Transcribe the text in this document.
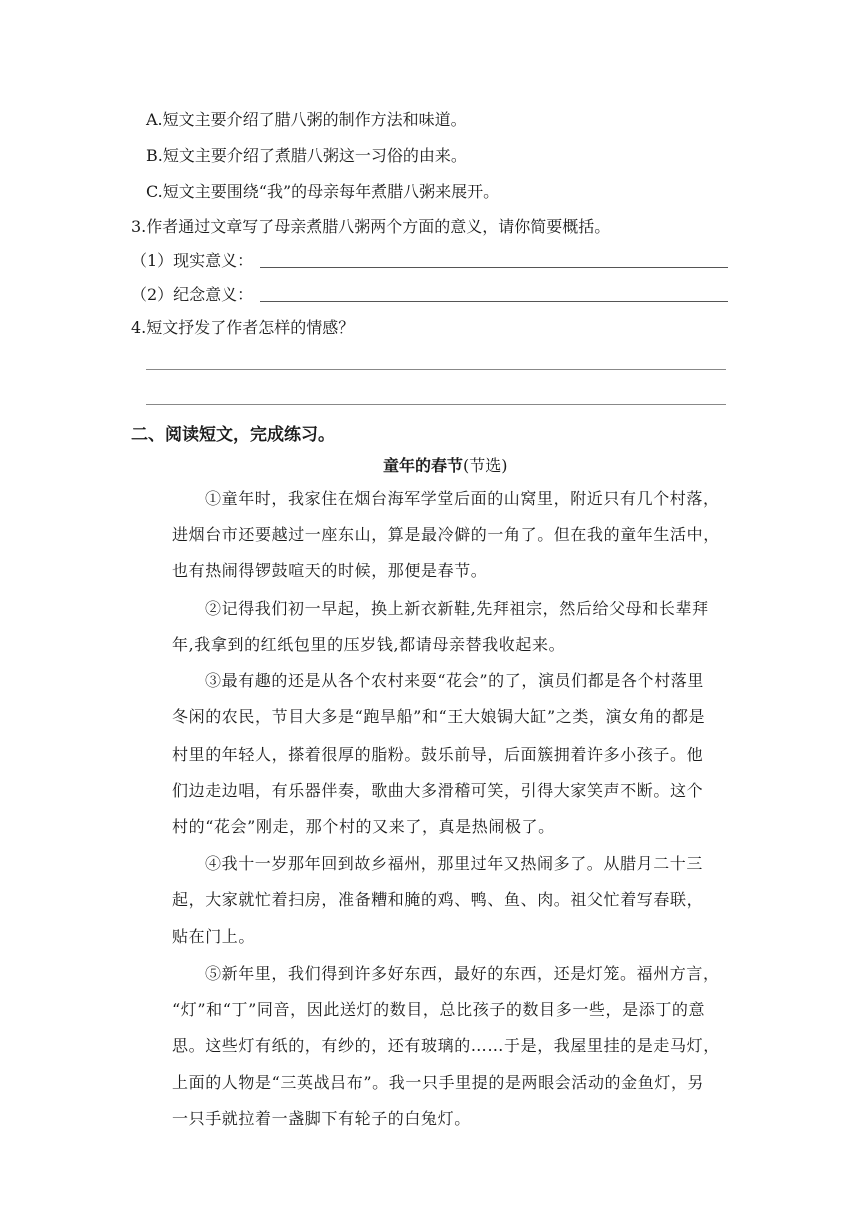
A.短文主要介绍了腊八粥的制作方法和味道。
B.短文主要介绍了煮腊八粥这一习俗的由来。
C.短文主要围绕“我”的母亲每年煮腊八粥来展开。
3.作者通过文章写了母亲煮腊八粥两个方面的意义，请你简要概括。
（1）现实意义：
（2）纪念意义：
4.短文抒发了作者怎样的情感？
二、阅读短文，完成练习。
童年的春节(节选)
①童年时，我家住在烟台海军学堂后面的山窝里，附近只有几个村落，
进烟台市还要越过一座东山，算是最冷僻的一角了。但在我的童年生活中，
也有热闹得锣鼓喧天的时候，那便是春节。
②记得我们初一早起，换上新衣新鞋,先拜祖宗，然后给父母和长辈拜
年,我拿到的红纸包里的压岁钱,都请母亲替我收起来。
③最有趣的还是从各个农村来耍“花会”的了，演员们都是各个村落里
冬闲的农民，节目大多是“跑旱船”和“王大娘锔大缸”之类，演女角的都是
村里的年轻人，搽着很厚的脂粉。鼓乐前导，后面簇拥着许多小孩子。他
们边走边唱，有乐器伴奏，歌曲大多滑稽可笑，引得大家笑声不断。这个
村的“花会”刚走，那个村的又来了，真是热闹极了。
④我十一岁那年回到故乡福州，那里过年又热闹多了。从腊月二十三
起，大家就忙着扫房，准备糟和腌的鸡、鸭、鱼、肉。祖父忙着写春联，
贴在门上。
⑤新年里，我们得到许多好东西，最好的东西，还是灯笼。福州方言，
“灯”和“丁”同音，因此送灯的数目，总比孩子的数目多一些，是添丁的意
思。这些灯有纸的，有纱的，还有玻璃的……于是，我屋里挂的是走马灯，
上面的人物是“三英战吕布”。我一只手里提的是两眼会活动的金鱼灯，另
一只手就拉着一盏脚下有轮子的白兔灯。
